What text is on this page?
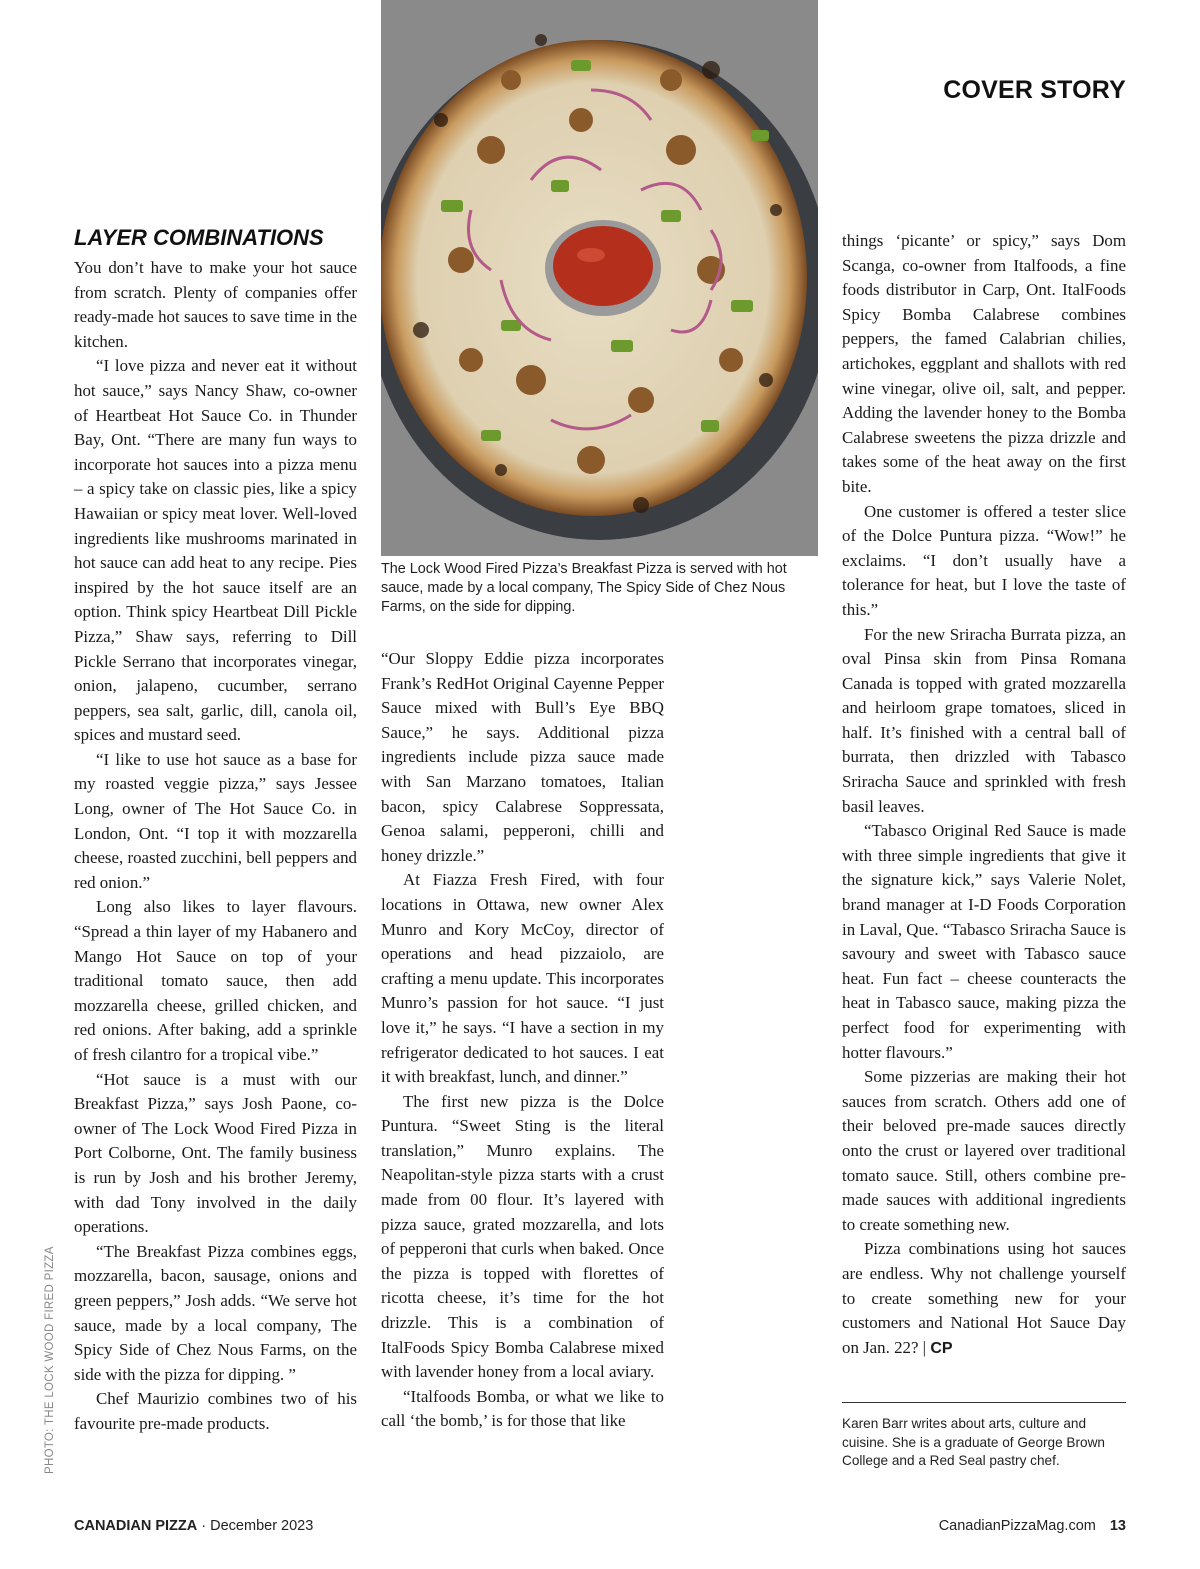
COVER STORY
The Lock Wood Fired Pizza’s Breakfast Pizza is served with hot sauce, made by a local company, The Spicy Side of Chez Nous Farms, on the side for dipping.
PHOTO: THE LOCK WOOD FIRED PIZZA
LAYER COMBINATIONS

You don’t have to make your hot sauce from scratch. Plenty of companies offer ready-made hot sauces to save time in the kitchen.

“I love pizza and never eat it without hot sauce,” says Nancy Shaw, co-owner of Heartbeat Hot Sauce Co. in Thunder Bay, Ont. “There are many fun ways to incorporate hot sauces into a pizza menu – a spicy take on classic pies, like a spicy Hawaiian or spicy meat lover. Well-loved ingredients like mushrooms marinated in hot sauce can add heat to any recipe. Pies inspired by the hot sauce itself are an option. Think spicy Heartbeat Dill Pickle Pizza,” Shaw says, referring to Dill Pickle Serrano that incorporates vinegar, onion, jalapeno, cucumber, serrano peppers, sea salt, garlic, dill, canola oil, spices and mustard seed.

“I like to use hot sauce as a base for my roasted veggie pizza,” says Jessee Long, owner of The Hot Sauce Co. in London, Ont. “I top it with mozzarella cheese, roasted zucchini, bell peppers and red onion.”

Long also likes to layer flavours. “Spread a thin layer of my Habanero and Mango Hot Sauce on top of your traditional tomato sauce, then add mozzarella cheese, grilled chicken, and red onions. After baking, add a sprinkle of fresh cilantro for a tropical vibe.”

“Hot sauce is a must with our Breakfast Pizza,” says Josh Paone, co-owner of The Lock Wood Fired Pizza in Port Colborne, Ont. The family business is run by Josh and his brother Jeremy, with dad Tony involved in the daily operations.

“The Breakfast Pizza combines eggs, mozzarella, bacon, sausage, onions and green peppers,” Josh adds. “We serve hot sauce, made by a local company, The Spicy Side of Chez Nous Farms, on the side with the pizza for dipping. ”

Chef Maurizio combines two of his favourite pre-made products.

“Our Sloppy Eddie pizza incorporates Frank’s RedHot Original Cayenne Pepper Sauce mixed with Bull’s Eye BBQ Sauce,” he says. Additional pizza ingredients include pizza sauce made with San Marzano tomatoes, Italian bacon, spicy Calabrese Soppressata, Genoa salami, pepperoni, chilli and honey drizzle.”

At Fiazza Fresh Fired, with four locations in Ottawa, new owner Alex Munro and Kory McCoy, director of operations and head pizzaiolo, are crafting a menu update. This incorporates Munro’s passion for hot sauce. “I just love it,” he says. “I have a section in my refrigerator dedicated to hot sauces. I eat it with breakfast, lunch, and dinner.”

The first new pizza is the Dolce Puntura. “Sweet Sting is the literal translation,” Munro explains. The Neapolitan-style pizza starts with a crust made from 00 flour. It’s layered with pizza sauce, grated mozzarella, and lots of pepperoni that curls when baked. Once the pizza is topped with florettes of ricotta cheese, it’s time for the hot drizzle. This is a combination of ItalFoods Spicy Bomba Calabrese mixed with lavender honey from a local aviary.

“Italfoods Bomba, or what we like to call ‘the bomb,’ is for those that like

things ‘picante’ or spicy,” says Dom Scanga, co-owner from Italfoods, a fine foods distributor in Carp, Ont. ItalFoods Spicy Bomba Calabrese combines peppers, the famed Calabrian chilies, artichokes, eggplant and shallots with red wine vinegar, olive oil, salt, and pepper. Adding the lavender honey to the Bomba Calabrese sweetens the pizza drizzle and takes some of the heat away on the first bite.

One customer is offered a tester slice of the Dolce Puntura pizza. “Wow!” he exclaims. “I don’t usually have a tolerance for heat, but I love the taste of this.”

For the new Sriracha Burrata pizza, an oval Pinsa skin from Pinsa Romana Canada is topped with grated mozzarella and heirloom grape tomatoes, sliced in half. It’s finished with a central ball of burrata, then drizzled with Tabasco Sriracha Sauce and sprinkled with fresh basil leaves.

“Tabasco Original Red Sauce is made with three simple ingredients that give it the signature kick,” says Valerie Nolet, brand manager at I-D Foods Corporation in Laval, Que. “Tabasco Sriracha Sauce is savoury and sweet with Tabasco sauce heat. Fun fact – cheese counteracts the heat in Tabasco sauce, making pizza the perfect food for experimenting with hotter flavours.”

Some pizzerias are making their hot sauces from scratch. Others add one of their beloved pre-made sauces directly onto the crust or layered over traditional tomato sauce. Still, others combine pre-made sauces with additional ingredients to create something new.

Pizza combinations using hot sauces are endless. Why not challenge yourself to create something new for your customers and National Hot Sauce Day on Jan. 22? | CP

Karen Barr writes about arts, culture and cuisine. She is a graduate of George Brown College and a Red Seal pastry chef.
CANADIAN PIZZA · December 2023	CanadianPizzaMag.com 13
